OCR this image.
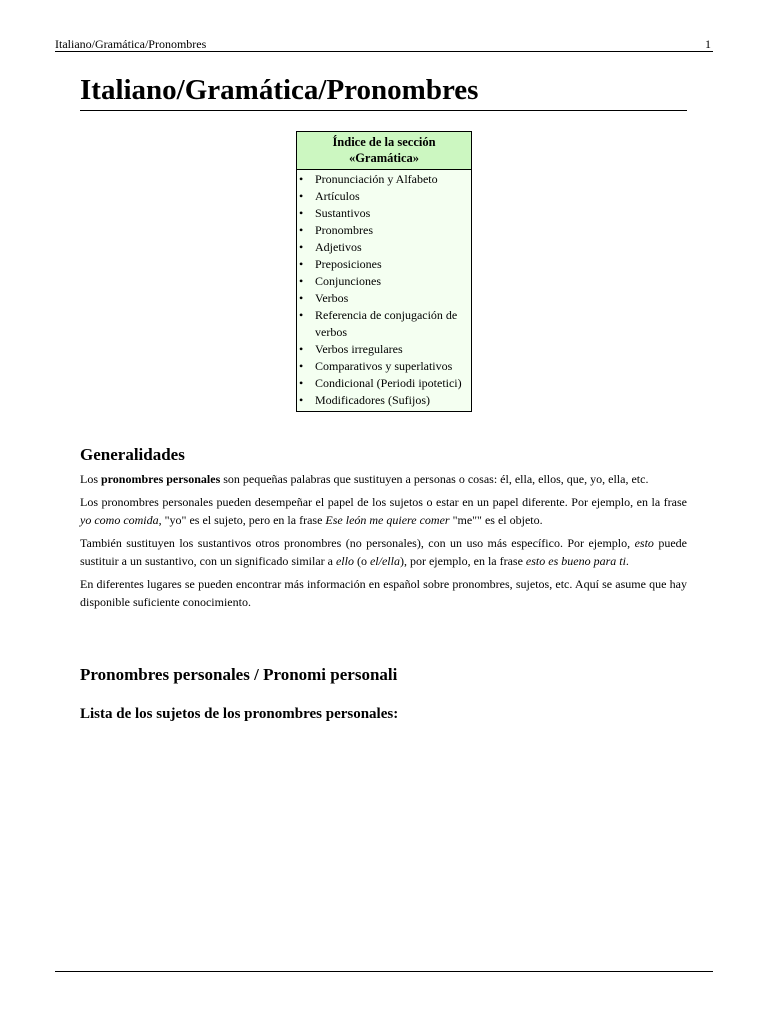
Italiano/Gramática/Pronombres	1
Italiano/Gramática/Pronombres
Índice de la sección
«Gramática»
• Pronunciación y Alfabeto
• Artículos
• Sustantivos
• Pronombres
• Adjetivos
• Preposiciones
• Conjunciones
• Verbos
• Referencia de conjugación de verbos
• Verbos irregulares
• Comparativos y superlativos
• Condicional (Periodi ipotetici)
• Modificadores (Sufijos)
Generalidades

Los pronombres personales son pequeñas palabras que sustituyen a personas o cosas: él, ella, ellos, que, yo, ella, etc.

Los pronombres personales pueden desempeñar el papel de los sujetos o estar en un papel diferente. Por ejemplo, en la frase yo como comida, "yo" es el sujeto, pero en la frase Ese león me quiere comer "me"" es el objeto.

También sustituyen los sustantivos otros pronombres (no personales), con un uso más específico. Por ejemplo, esto puede sustituir a un sustantivo, con un significado similar a ello (o el/ella), por ejemplo, en la frase esto es bueno para ti.

En diferentes lugares se pueden encontrar más información en español sobre pronombres, sujetos, etc. Aquí se asume que hay disponible suficiente conocimiento.

Pronombres personales / Pronomi personali
Lista de los sujetos de los pronombres personales:
